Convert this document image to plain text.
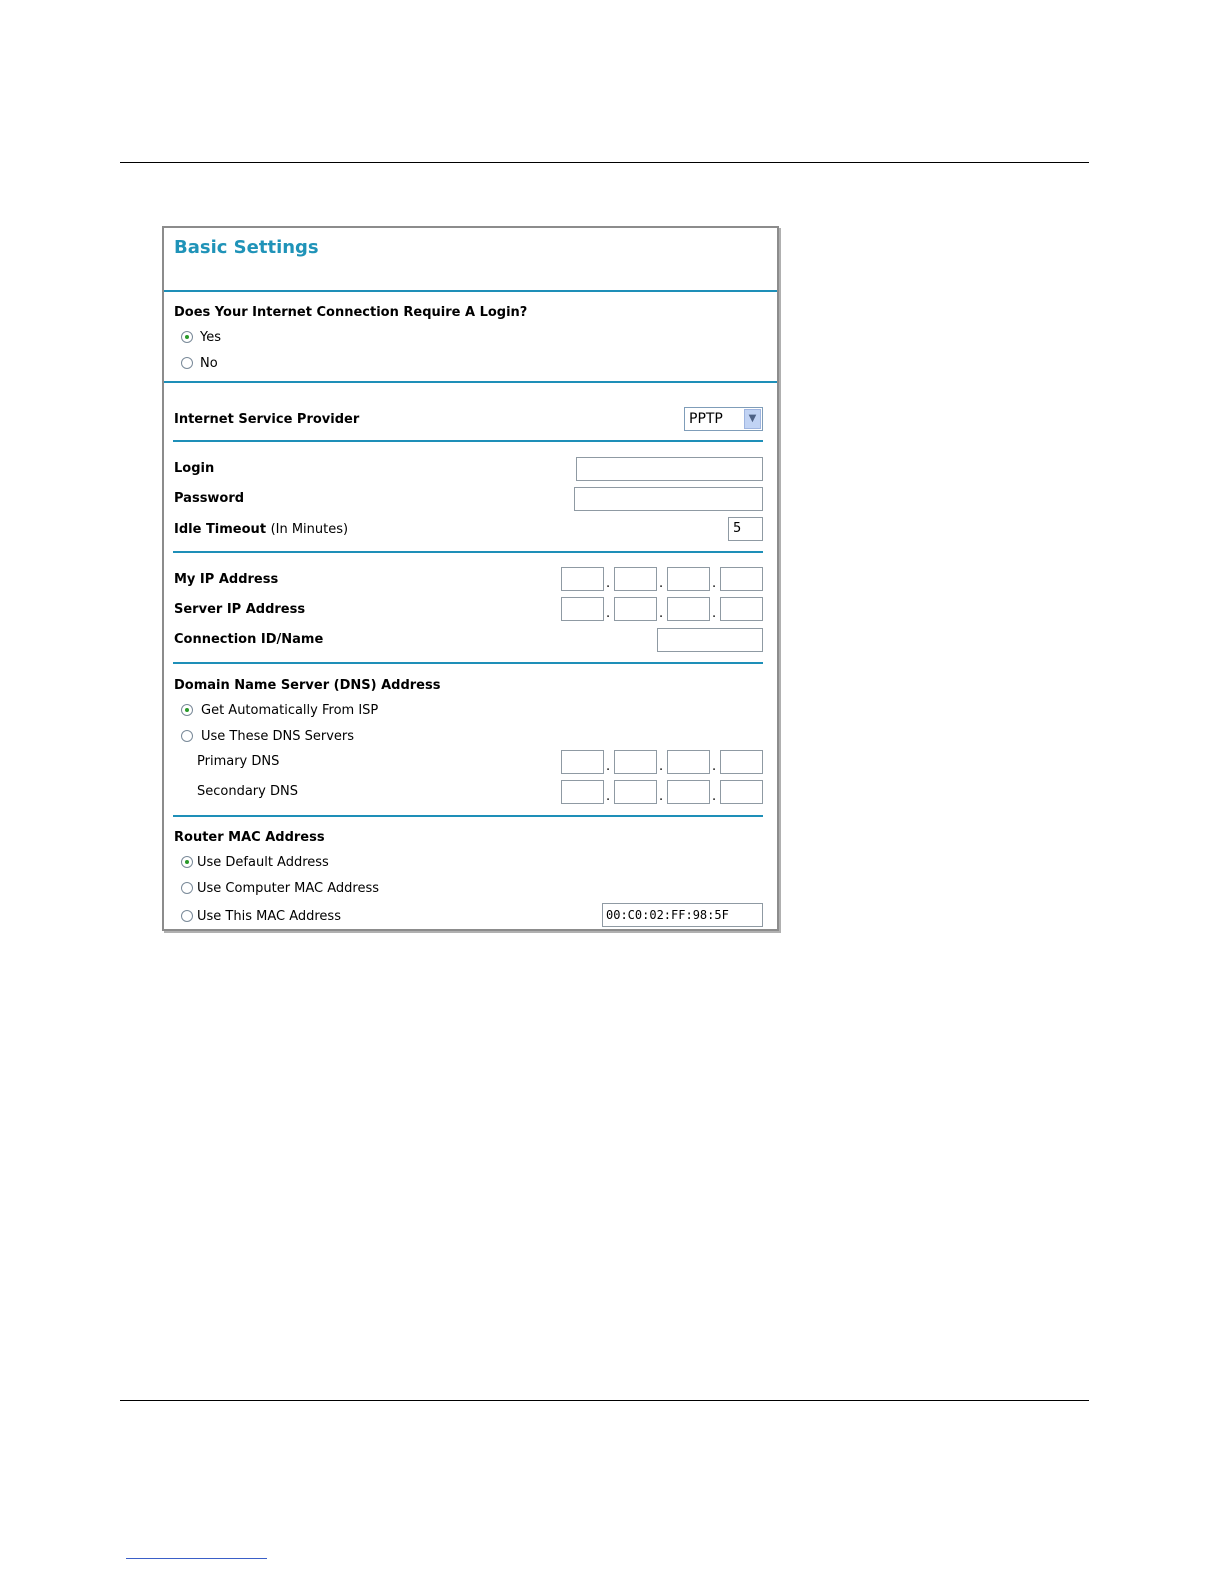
Basic Settings
Does Your Internet Connection Require A Login?
Yes
No
Internet Service Provider	PPTP	▼
Login
Password
Idle Timeout (In Minutes)	5
My IP Address	.	.	.
Server IP Address	.	.	.
Connection ID/Name
Domain Name Server (DNS) Address
Get Automatically From ISP
Use These DNS Servers
Primary DNS	.	.	.
Secondary DNS	.	.	.
Router MAC Address
Use Default Address
Use Computer MAC Address
Use This MAC Address	00:C0:02:FF:98:5F
